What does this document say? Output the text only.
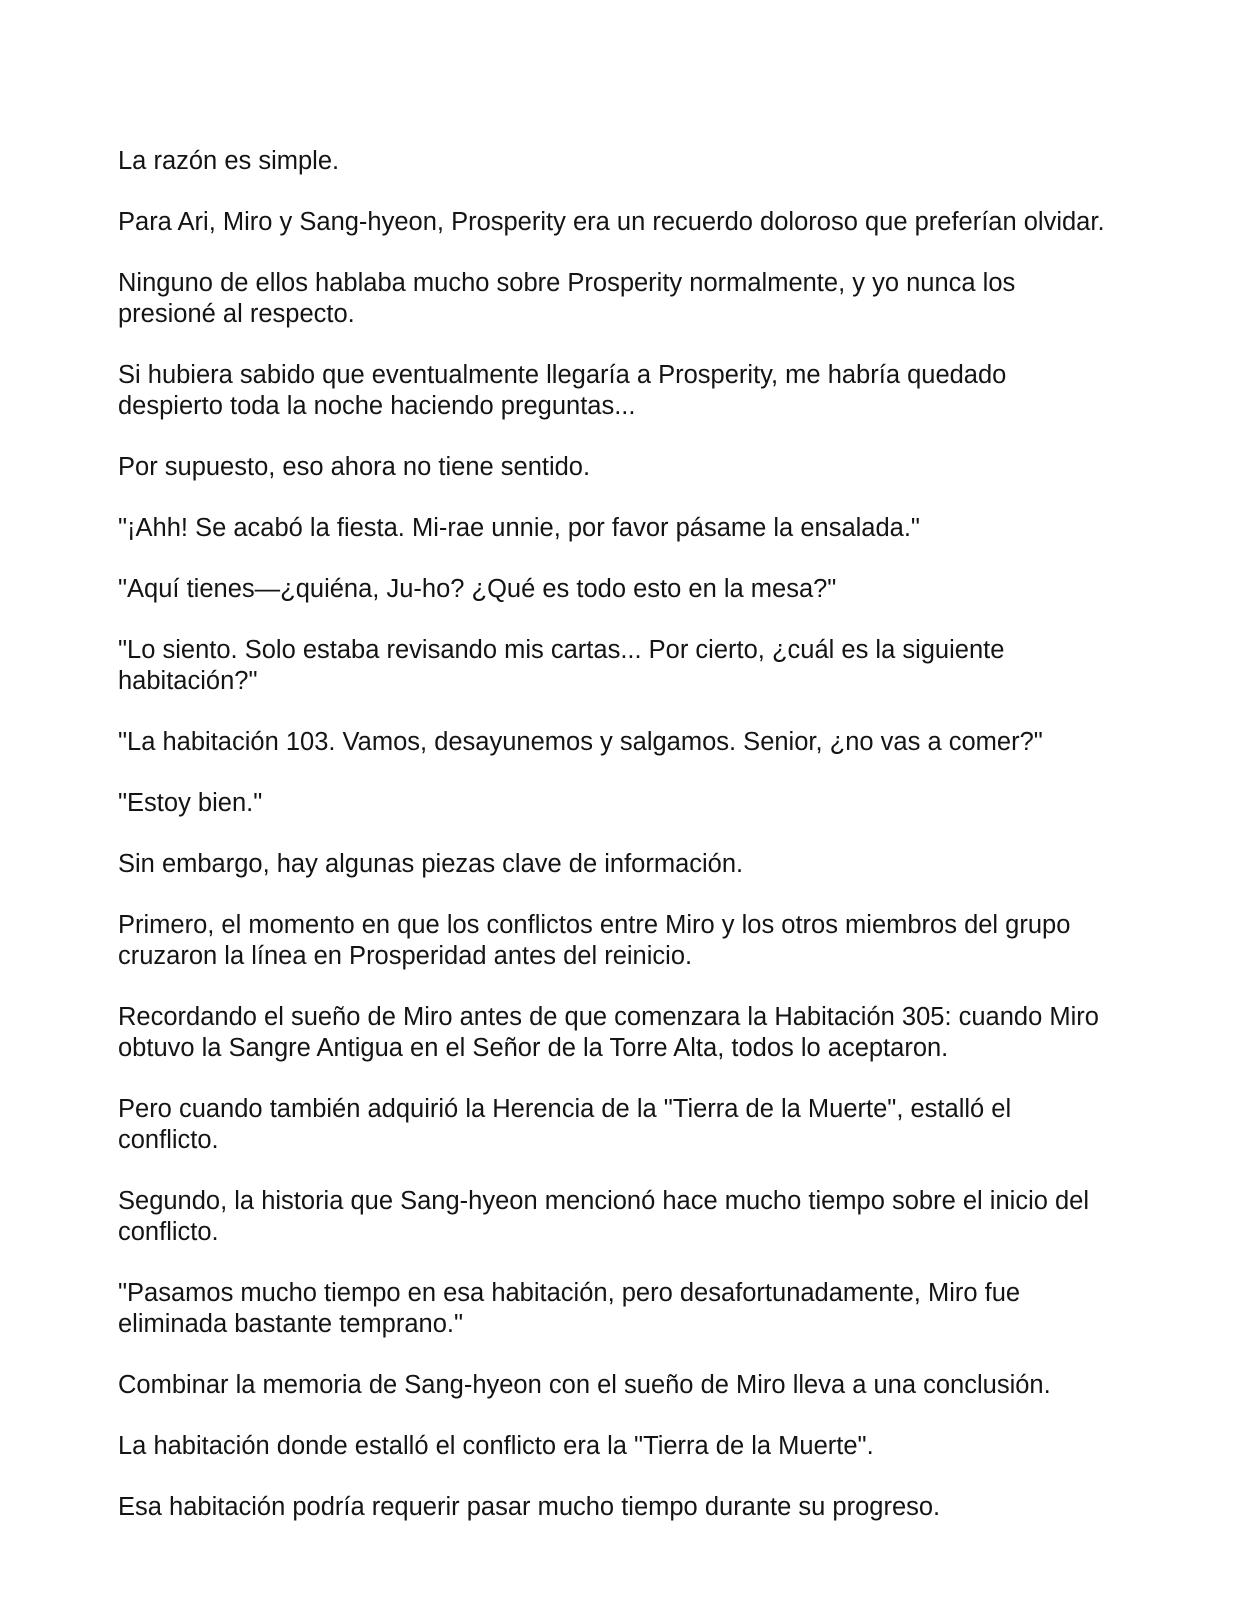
La razón es simple.

Para Ari, Miro y Sang-hyeon, Prosperity era un recuerdo doloroso que preferían olvidar.

Ninguno de ellos hablaba mucho sobre Prosperity normalmente, y yo nunca los presioné al respecto.

Si hubiera sabido que eventualmente llegaría a Prosperity, me habría quedado despierto toda la noche haciendo preguntas...

Por supuesto, eso ahora no tiene sentido.

"¡Ahh! Se acabó la fiesta. Mi-rae unnie, por favor pásame la ensalada."

"Aquí tienes—¿quiéna, Ju-ho? ¿Qué es todo esto en la mesa?"

"Lo siento. Solo estaba revisando mis cartas... Por cierto, ¿cuál es la siguiente habitación?"

"La habitación 103. Vamos, desayunemos y salgamos. Senior, ¿no vas a comer?"

"Estoy bien."

Sin embargo, hay algunas piezas clave de información.

Primero, el momento en que los conflictos entre Miro y los otros miembros del grupo cruzaron la línea en Prosperidad antes del reinicio.

Recordando el sueño de Miro antes de que comenzara la Habitación 305: cuando Miro obtuvo la Sangre Antigua en el Señor de la Torre Alta, todos lo aceptaron.

Pero cuando también adquirió la Herencia de la "Tierra de la Muerte", estalló el conflicto.

Segundo, la historia que Sang-hyeon mencionó hace mucho tiempo sobre el inicio del conflicto.

"Pasamos mucho tiempo en esa habitación, pero desafortunadamente, Miro fue eliminada bastante temprano."

Combinar la memoria de Sang-hyeon con el sueño de Miro lleva a una conclusión.

La habitación donde estalló el conflicto era la "Tierra de la Muerte".

Esa habitación podría requerir pasar mucho tiempo durante su progreso.
